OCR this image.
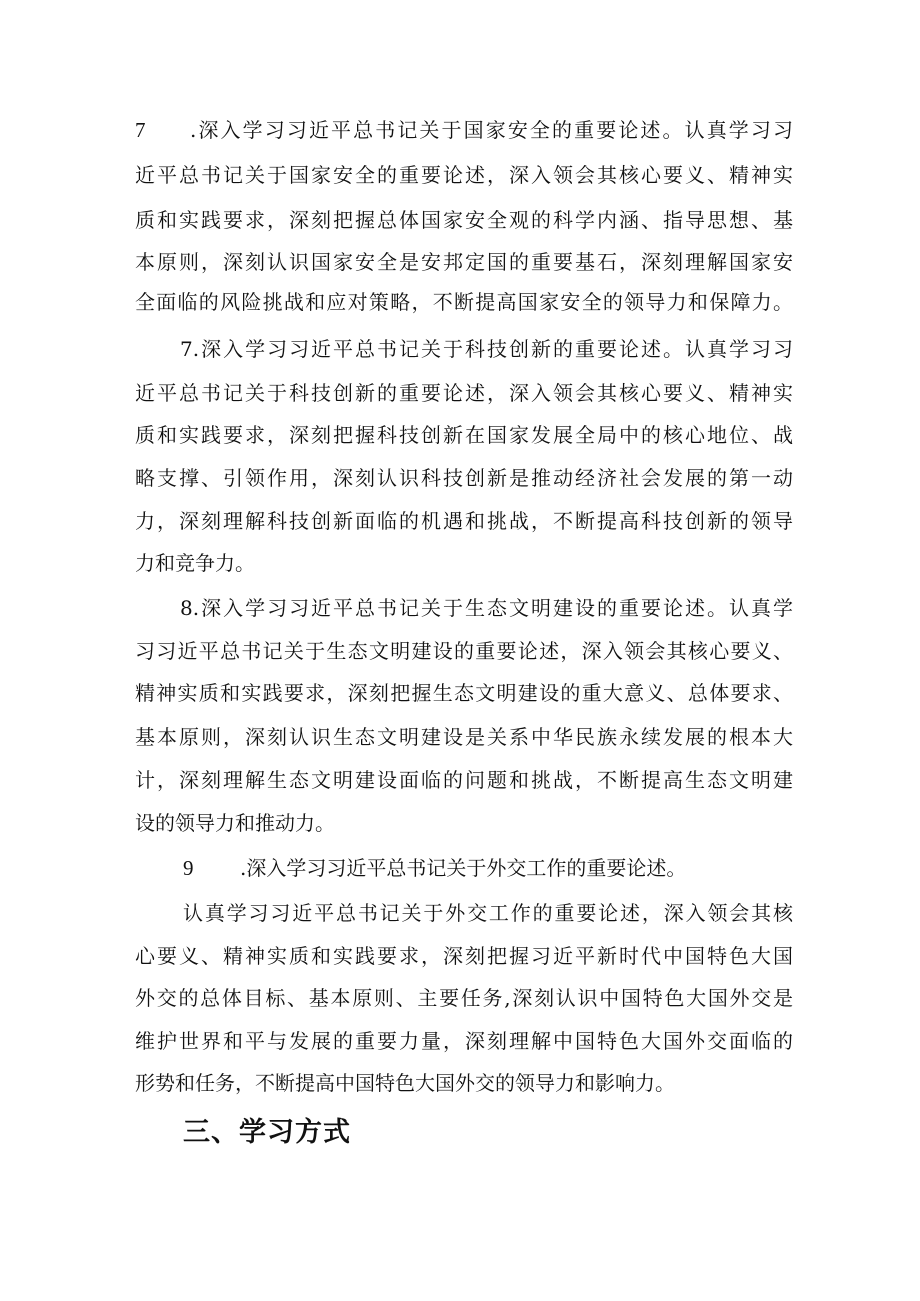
7 .深入学习习近平总书记关于国家安全的重要论述。认真学习习
近平总书记关于国家安全的重要论述，深入领会其核心要义、精神实
质和实践要求，深刻把握总体国家安全观的科学内涵、指导思想、基
本原则，深刻认识国家安全是安邦定国的重要基石，深刻理解国家安
全面临的风险挑战和应对策略，不断提高国家安全的领导力和保障力。
7.深入学习习近平总书记关于科技创新的重要论述。认真学习习
近平总书记关于科技创新的重要论述，深入领会其核心要义、精神实
质和实践要求，深刻把握科技创新在国家发展全局中的核心地位、战
略支撑、引领作用，深刻认识科技创新是推动经济社会发展的第一动
力，深刻理解科技创新面临的机遇和挑战，不断提高科技创新的领导
力和竞争力。
8.深入学习习近平总书记关于生态文明建设的重要论述。认真学
习习近平总书记关于生态文明建设的重要论述，深入领会其核心要义、
精神实质和实践要求，深刻把握生态文明建设的重大意义、总体要求、
基本原则，深刻认识生态文明建设是关系中华民族永续发展的根本大
计，深刻理解生态文明建设面临的问题和挑战，不断提高生态文明建
设的领导力和推动力。
9 .深入学习习近平总书记关于外交工作的重要论述。
认真学习习近平总书记关于外交工作的重要论述，深入领会其核
心要义、精神实质和实践要求，深刻把握习近平新时代中国特色大国
外交的总体目标、基本原则、主要任务,深刻认识中国特色大国外交是
维护世界和平与发展的重要力量，深刻理解中国特色大国外交面临的
形势和任务，不断提高中国特色大国外交的领导力和影响力。
三、学习方式
